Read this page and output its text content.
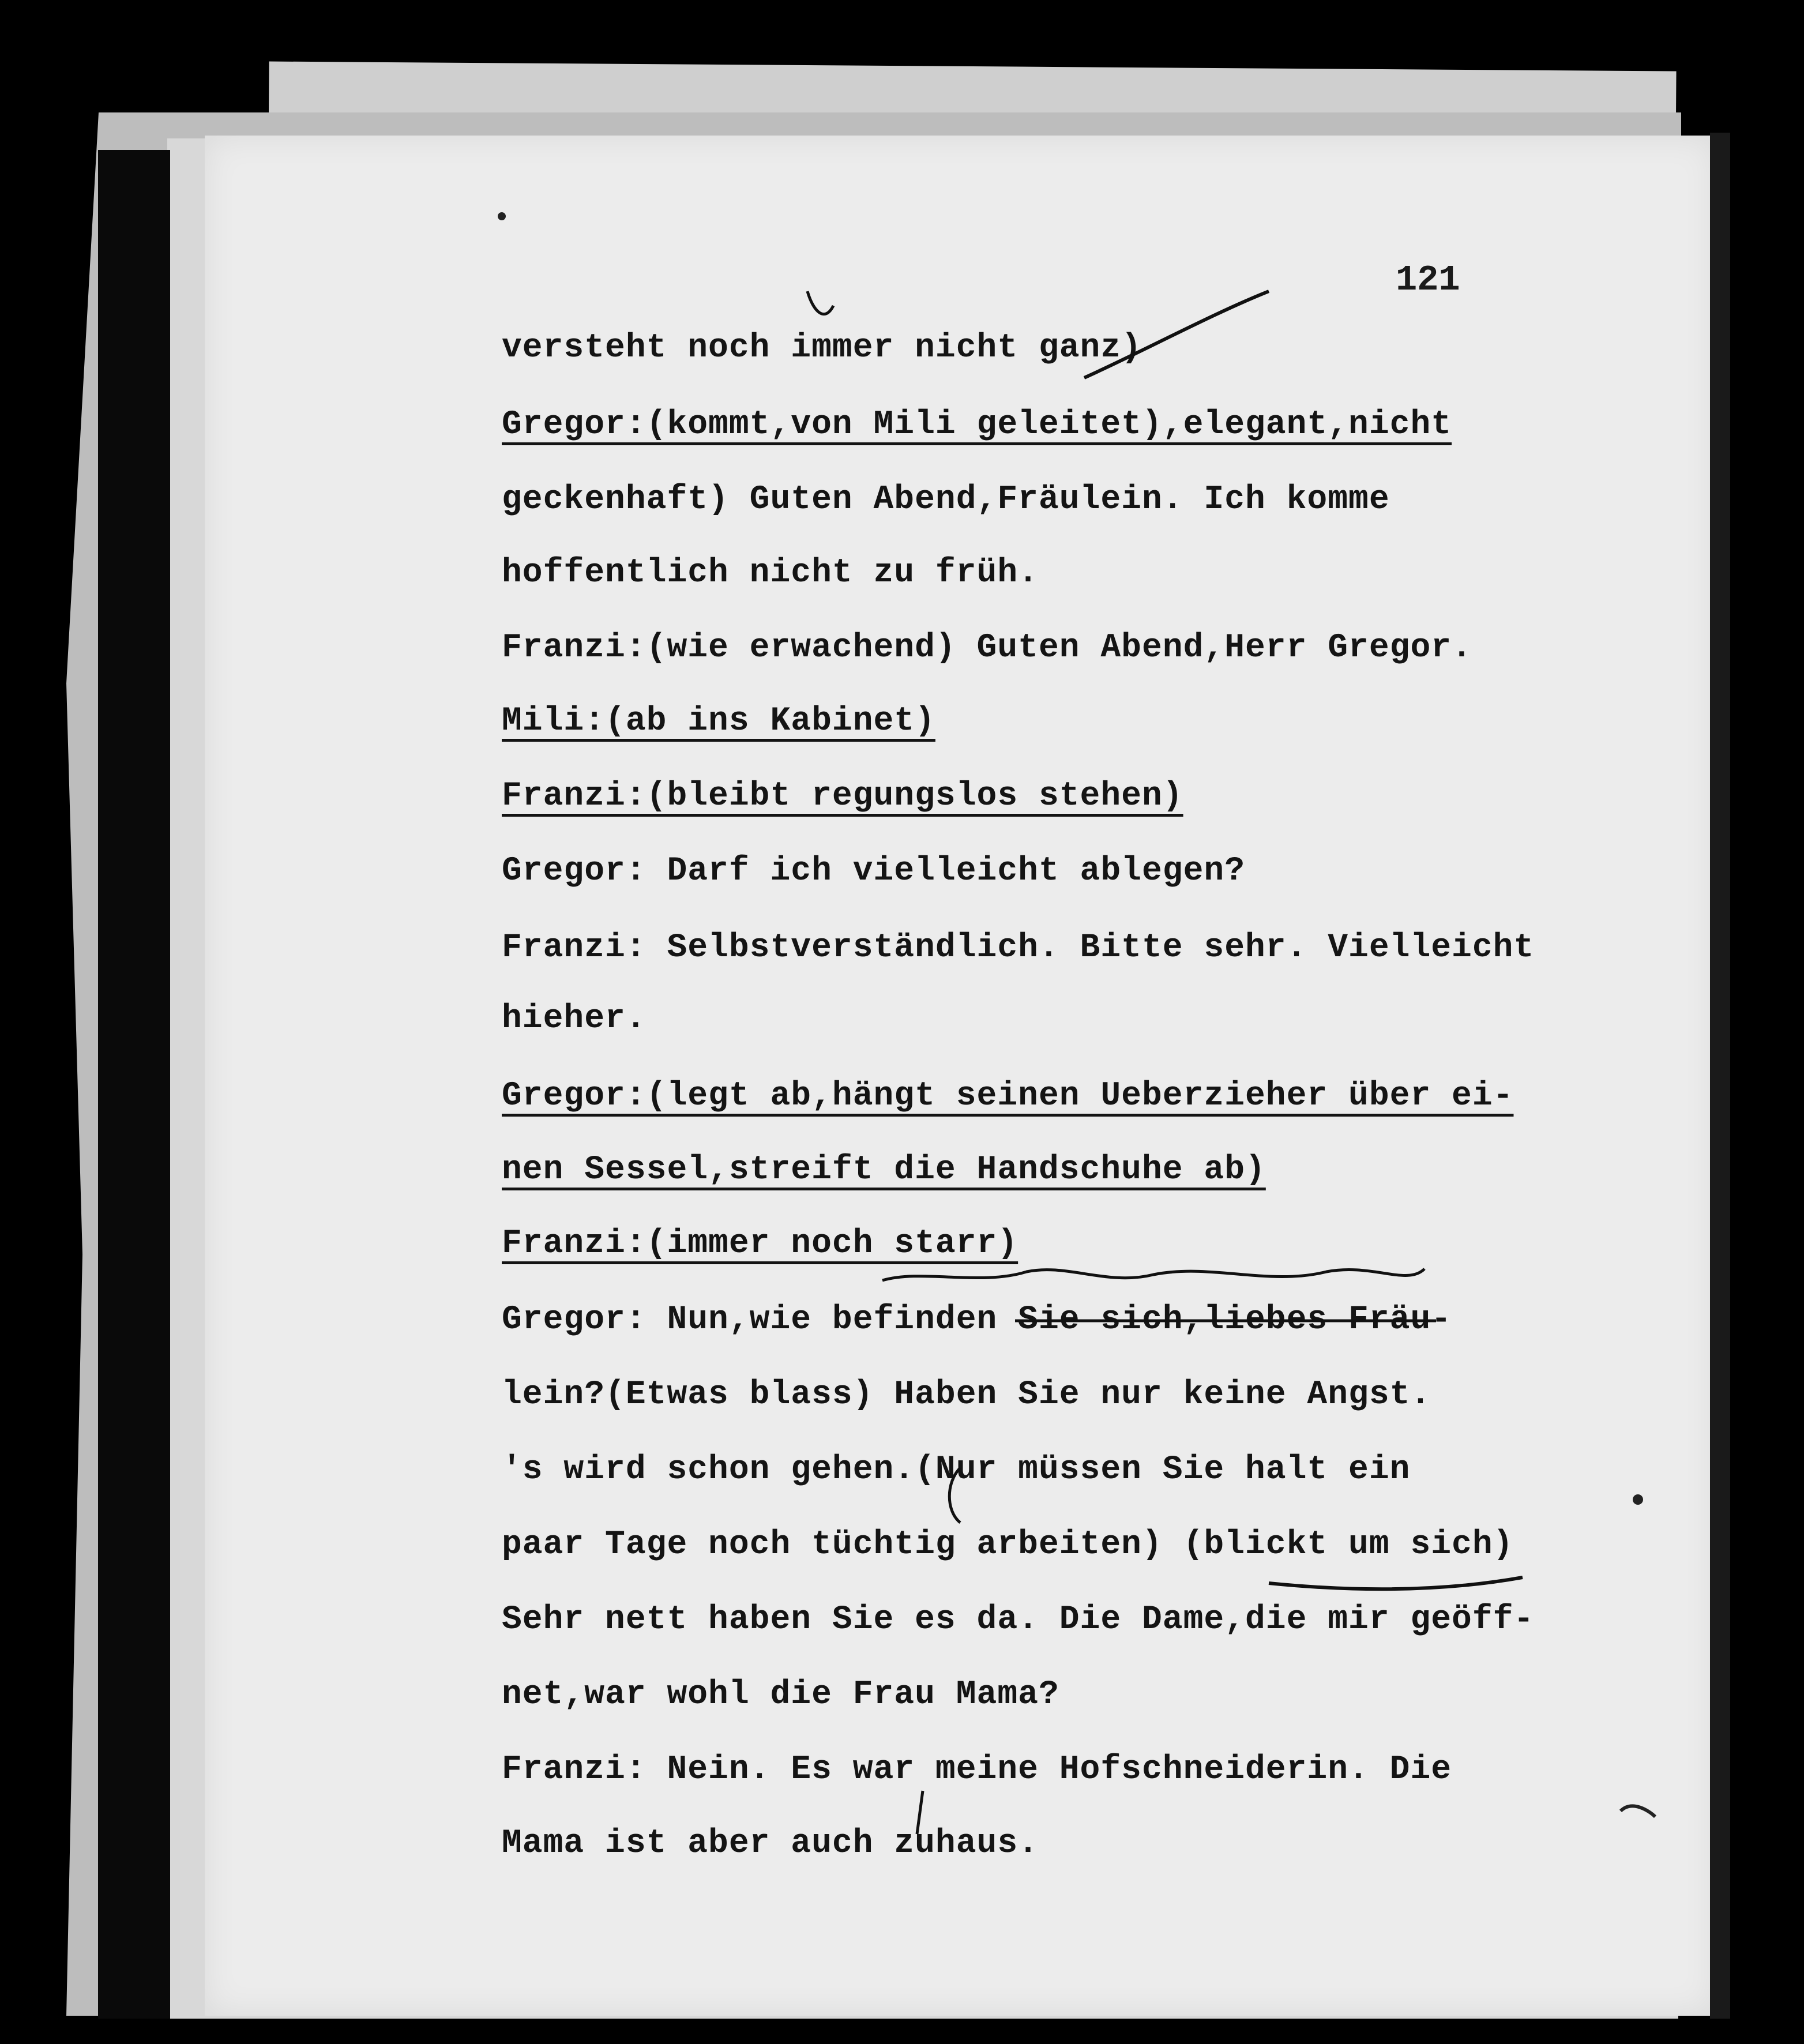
121
versteht noch immer nicht ganz)
Gregor:(kommt,von Mili geleitet),elegant,nicht
geckenhaft) Guten Abend,Fräulein. Ich komme
hoffentlich nicht zu früh.
Franzi:(wie erwachend) Guten Abend,Herr Gregor.
Mili:(ab ins Kabinet)
Franzi:(bleibt regungslos stehen)
Gregor: Darf ich vielleicht ablegen?
Franzi: Selbstverständlich. Bitte sehr. Vielleicht
hieher.
Gregor:(legt ab,hängt seinen Ueberzieher über ei-
nen Sessel,streift die Handschuhe ab)
Franzi:(immer noch starr)
Gregor: Nun,wie befinden Sie sich,liebes Fräu-
lein?(Etwas blass) Haben Sie nur keine Angst.
's wird schon gehen.(Nur müssen Sie halt ein
paar Tage noch tüchtig arbeiten) (blickt um sich)
Sehr nett haben Sie es da. Die Dame,die mir geöff-
net,war wohl die Frau Mama?
Franzi: Nein. Es war meine Hofschneiderin. Die
Mama ist aber auch zuhaus.
